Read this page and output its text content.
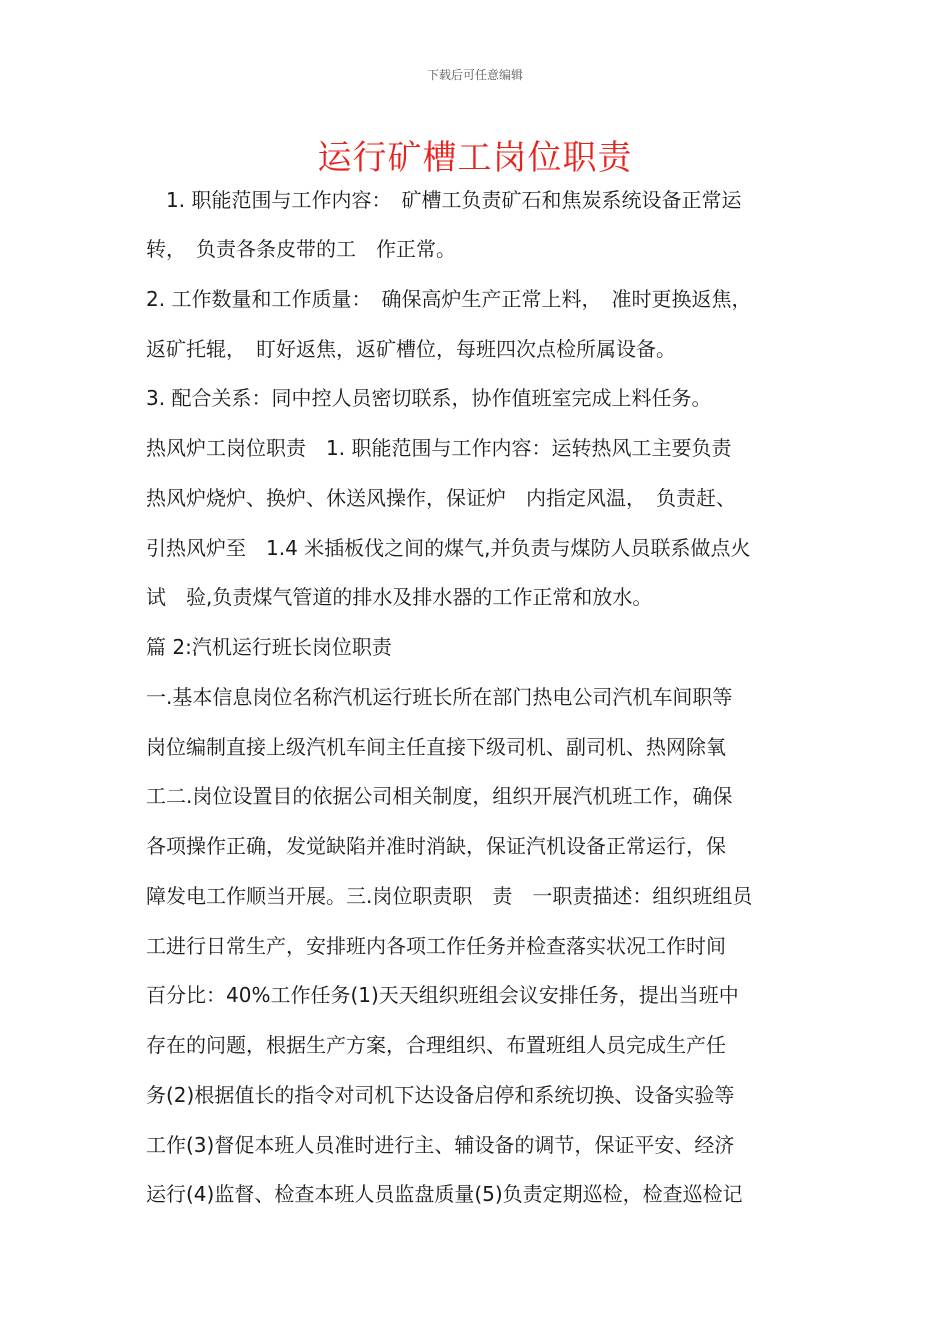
下载后可任意编辑
运行矿槽工岗位职责
　1. 职能范围与工作内容：　矿槽工负责矿石和焦炭系统设备正常运
转，　负责各条皮带的工　作正常。
2. 工作数量和工作质量：　确保高炉生产正常上料，　准时更换返焦，
返矿托辊，　盯好返焦，返矿槽位，每班四次点检所属设备。
3. 配合关系：同中控人员密切联系，协作值班室完成上料任务。
热风炉工岗位职责　1. 职能范围与工作内容：运转热风工主要负责
热风炉烧炉、换炉、休送风操作，保证炉　内指定风温，　负责赶、
引热风炉至　1.4 米插板伐之间的煤气,并负责与煤防人员联系做点火
试　验,负责煤气管道的排水及排水器的工作正常和放水。
篇 2:汽机运行班长岗位职责
一.基本信息岗位名称汽机运行班长所在部门热电公司汽机车间职等
岗位编制直接上级汽机车间主任直接下级司机、副司机、热网除氧
工二.岗位设置目的依据公司相关制度，组织开展汽机班工作，确保
各项操作正确，发觉缺陷并准时消缺，保证汽机设备正常运行，保
障发电工作顺当开展。三.岗位职责职　责　一职责描述：组织班组员
工进行日常生产，安排班内各项工作任务并检查落实状况工作时间
百分比：40%工作任务(1)天天组织班组会议安排任务，提出当班中
存在的问题，根据生产方案，合理组织、布置班组人员完成生产任
务(2)根据值长的指令对司机下达设备启停和系统切换、设备实验等
工作(3)督促本班人员准时进行主、辅设备的调节，保证平安、经济
运行(4)监督、检查本班人员监盘质量(5)负责定期巡检，检查巡检记
